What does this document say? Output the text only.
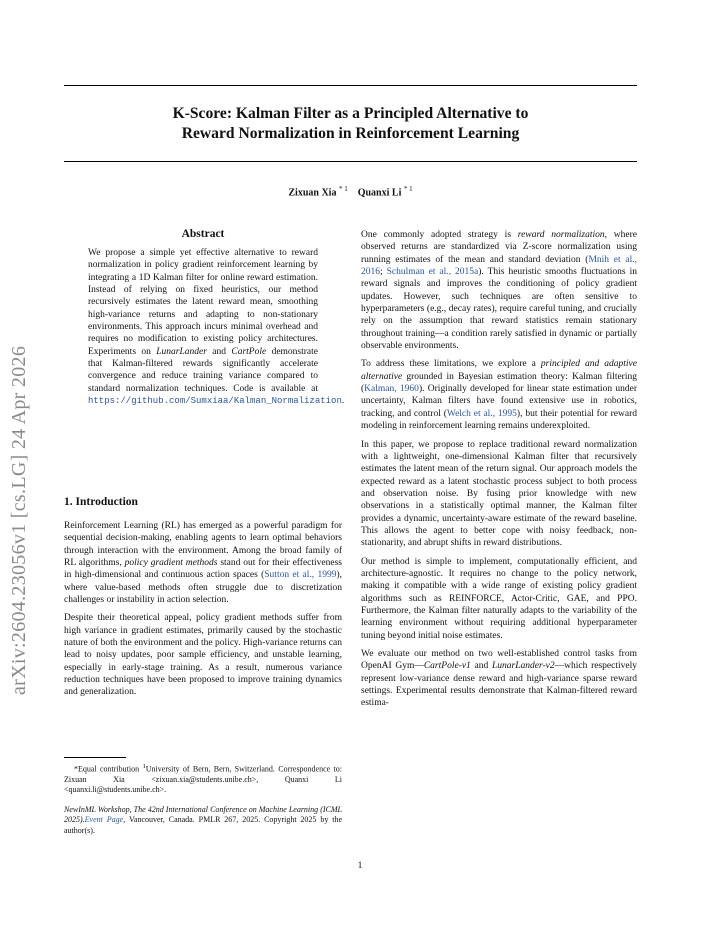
K-Score: Kalman Filter as a Principled Alternative to
Reward Normalization in Reinforcement Learning
Zixuan Xia $^{* 1}$ Quanxi Li $^{* 1}$
arXiv:2604.23056v1 [cs.LG] 24 Apr 2026
Abstract
We propose a simple yet effective alternative to reward normalization in policy gradient reinforcement learning by integrating a 1D Kalman filter for online reward estimation. Instead of relying on fixed heuristics, our method recursively estimates the latent reward mean, smoothing high-variance returns and adapting to non-stationary environments. This approach incurs minimal overhead and requires no modification to existing policy architectures. Experiments on LunarLander and CartPole demonstrate that Kalman-filtered rewards significantly accelerate convergence and reduce training variance compared to standard normalization techniques. Code is available at https://github.com/Sumxiaa/Kalman_Normalization.
1. Introduction

Reinforcement Learning (RL) has emerged as a powerful paradigm for sequential decision-making, enabling agents to learn optimal behaviors through interaction with the environment. Among the broad family of RL algorithms, policy gradient methods stand out for their effectiveness in high-dimensional and continuous action spaces (Sutton et al., 1999), where value-based methods often struggle due to discretization challenges or instability in action selection.

Despite their theoretical appeal, policy gradient methods suffer from high variance in gradient estimates, primarily caused by the stochastic nature of both the environment and the policy. High-variance returns can lead to noisy updates, poor sample efficiency, and unstable learning, especially in early-stage training. As a result, numerous variance reduction techniques have been proposed to improve training dynamics and generalization.

*Equal contribution $^1$University of Bern, Bern, Switzerland. Correspondence to: Zixuan Xia <zixuan.xia@students.unibe.ch>, Quanxi Li <quanxi.li@students.unibe.ch>.

NewInML Workshop, The 42nd International Conference on Machine Learning (ICML 2025).Event Page, Vancouver, Canada. PMLR 267, 2025. Copyright 2025 by the author(s).

One commonly adopted strategy is reward normalization, where observed returns are standardized via Z-score normalization using running estimates of the mean and standard deviation (Mnih et al., 2016; Schulman et al., 2015a). This heuristic smooths fluctuations in reward signals and improves the conditioning of policy gradient updates. However, such techniques are often sensitive to hyperparameters (e.g., decay rates), require careful tuning, and crucially rely on the assumption that reward statistics remain stationary throughout training—a condition rarely satisfied in dynamic or partially observable environments.

To address these limitations, we explore a principled and adaptive alternative grounded in Bayesian estimation theory: Kalman filtering (Kalman, 1960). Originally developed for linear state estimation under uncertainty, Kalman filters have found extensive use in robotics, tracking, and control (Welch et al., 1995), but their potential for reward modeling in reinforcement learning remains underexploited.

In this paper, we propose to replace traditional reward normalization with a lightweight, one-dimensional Kalman filter that recursively estimates the latent mean of the return signal. Our approach models the expected reward as a latent stochastic process subject to both process and observation noise. By fusing prior knowledge with new observations in a statistically optimal manner, the Kalman filter provides a dynamic, uncertainty-aware estimate of the reward baseline. This allows the agent to better cope with noisy feedback, non-stationarity, and abrupt shifts in reward distributions.

Our method is simple to implement, computationally efficient, and architecture-agnostic. It requires no change to the policy network, making it compatible with a wide range of existing policy gradient algorithms such as REINFORCE, Actor-Critic, GAE, and PPO. Furthermore, the Kalman filter naturally adapts to the variability of the learning environment without requiring additional hyperparameter tuning beyond initial noise estimates.

We evaluate our method on two well-established control tasks from OpenAI Gym—CartPole-v1 and LunarLander-v2—which respectively represent low-variance dense reward and high-variance sparse reward settings. Experimental results demonstrate that Kalman-filtered reward estima-

1
